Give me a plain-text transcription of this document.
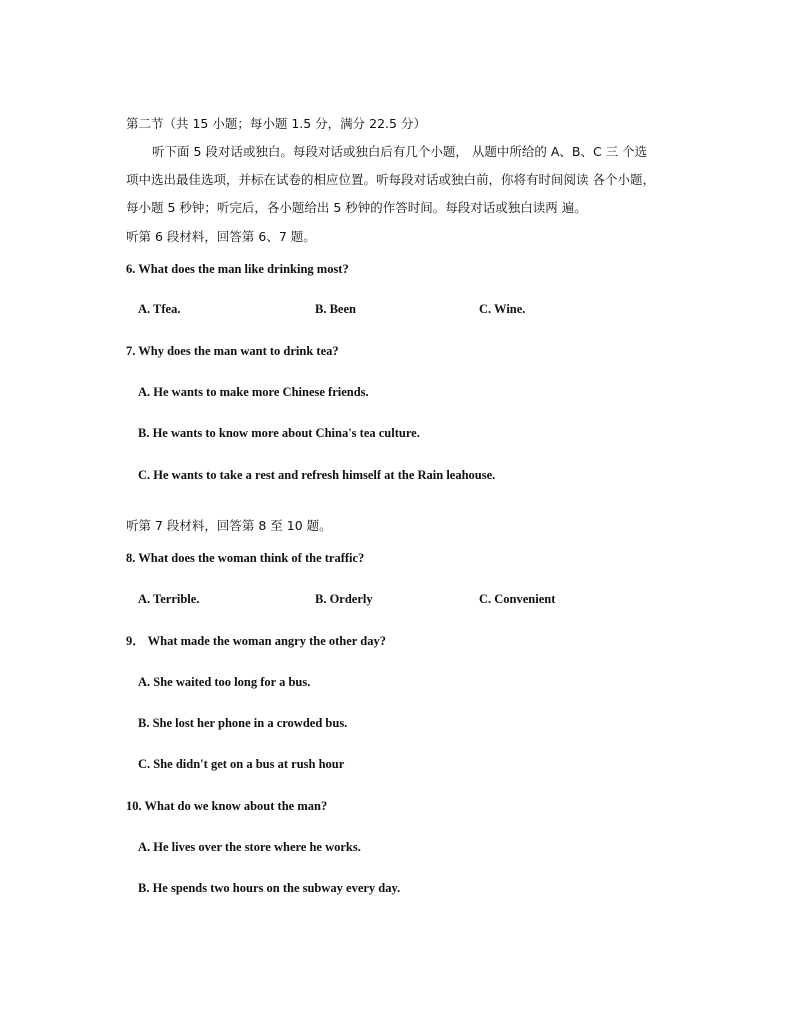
第二节（共 15 小题；每小题 1.5 分，满分 22.5 分）
听下面 5 段对话或独白。每段对话或独白后有几个小题， 从题中所给的 A、B、C 三 个选
项中选出最佳选项，并标在试卷的相应位置。听每段对话或独白前，你将有时间阅读 各个小题，
每小题 5 秒钟；听完后，各小题给出 5 秒钟的作答时间。每段对话或独白读两 遍。
听第 6 段材料，回答第 6、7 题。
6. What does the man like drinking most?
A. Tfea.	B. Been	C. Wine.
7. Why does the man want to drink tea?
A. He wants to make more Chinese friends.
B. He wants to know more about China's tea culture.
C. He wants to take a rest and refresh himself at the Rain leahouse.
听第 7 段材料，回答第 8 至 10 题。
8. What does the woman think of the traffic?
A. Terrible.	B. Orderly	C. Convenient
9． What made the woman angry the other day?
A. She waited too long for a bus.
B. She lost her phone in a crowded bus.
C. She didn't get on a bus at rush hour
10. What do we know about the man?
A. He lives over the store where he works.
B. He spends two hours on the subway every day.
